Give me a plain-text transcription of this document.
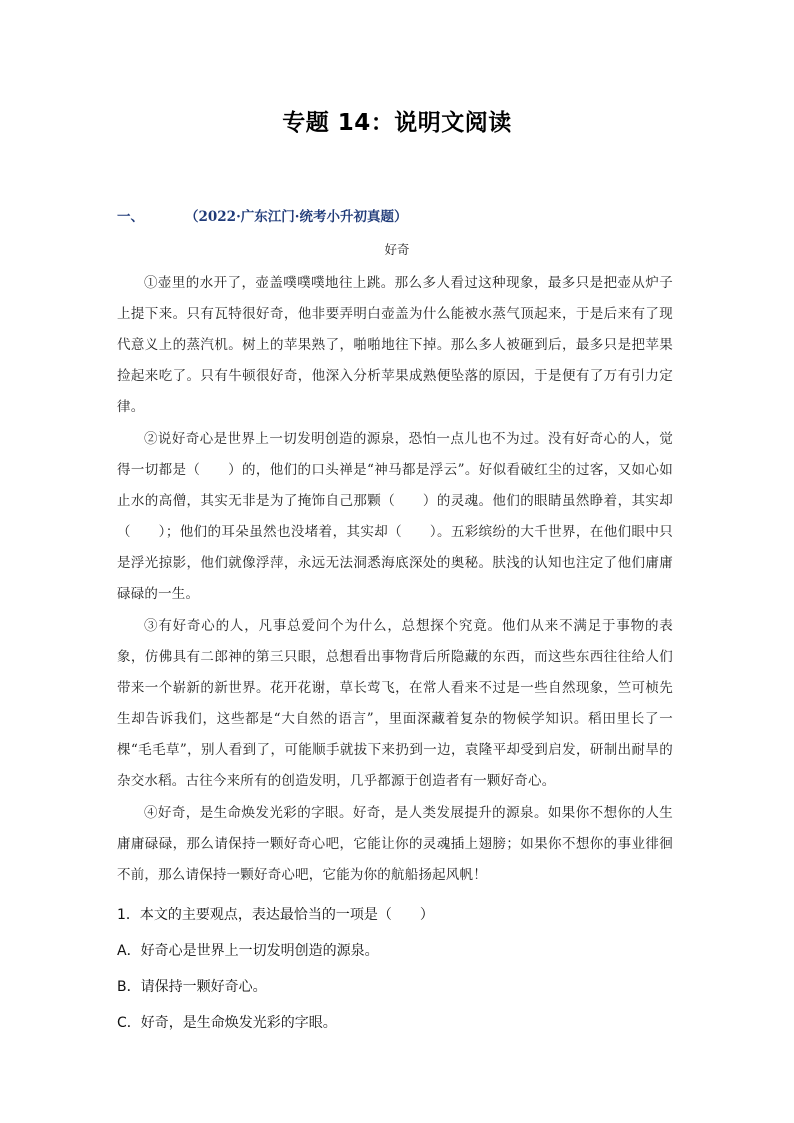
专题 14：说明文阅读
一、	（2022·广东江门·统考小升初真题）
好奇

①壶里的水开了，壶盖噗噗噗地往上跳。那么多人看过这种现象，最多只是把壶从炉子上提下来。只有瓦特很好奇，他非要弄明白壶盖为什么能被水蒸气顶起来，于是后来有了现代意义上的蒸汽机。树上的苹果熟了，啪啪地往下掉。那么多人被砸到后，最多只是把苹果捡起来吃了。只有牛顿很好奇，他深入分析苹果成熟便坠落的原因，于是便有了万有引力定律。

②说好奇心是世界上一切发明创造的源泉，恐怕一点儿也不为过。没有好奇心的人，觉得一切都是（　　）的，他们的口头禅是“神马都是浮云”。好似看破红尘的过客，又如心如止水的高僧，其实无非是为了掩饰自己那颗（　　）的灵魂。他们的眼睛虽然睁着，其实却（　　）；他们的耳朵虽然也没堵着，其实却（　　）。五彩缤纷的大千世界，在他们眼中只是浮光掠影，他们就像浮萍，永远无法洞悉海底深处的奥秘。肤浅的认知也注定了他们庸庸碌碌的一生。

③有好奇心的人，凡事总爱问个为什么，总想探个究竟。他们从来不满足于事物的表象，仿佛具有二郎神的第三只眼，总想看出事物背后所隐藏的东西，而这些东西往往给人们带来一个崭新的新世界。花开花谢，草长莺飞，在常人看来不过是一些自然现象，竺可桢先生却告诉我们，这些都是“大自然的语言”，里面深藏着复杂的物候学知识。稻田里长了一棵“毛毛草”，别人看到了，可能顺手就拔下来扔到一边，袁隆平却受到启发，研制出耐旱的杂交水稻。古往今来所有的创造发明，几乎都源于创造者有一颗好奇心。

④好奇，是生命焕发光彩的字眼。好奇，是人类发展提升的源泉。如果你不想你的人生庸庸碌碌，那么请保持一颗好奇心吧，它能让你的灵魂插上翅膀；如果你不想你的事业徘徊不前，那么请保持一颗好奇心吧，它能为你的航船扬起风帆！

1．本文的主要观点，表达最恰当的一项是（　　）
A．好奇心是世界上一切发明创造的源泉。
B．请保持一颗好奇心。
C．好奇，是生命焕发光彩的字眼。
